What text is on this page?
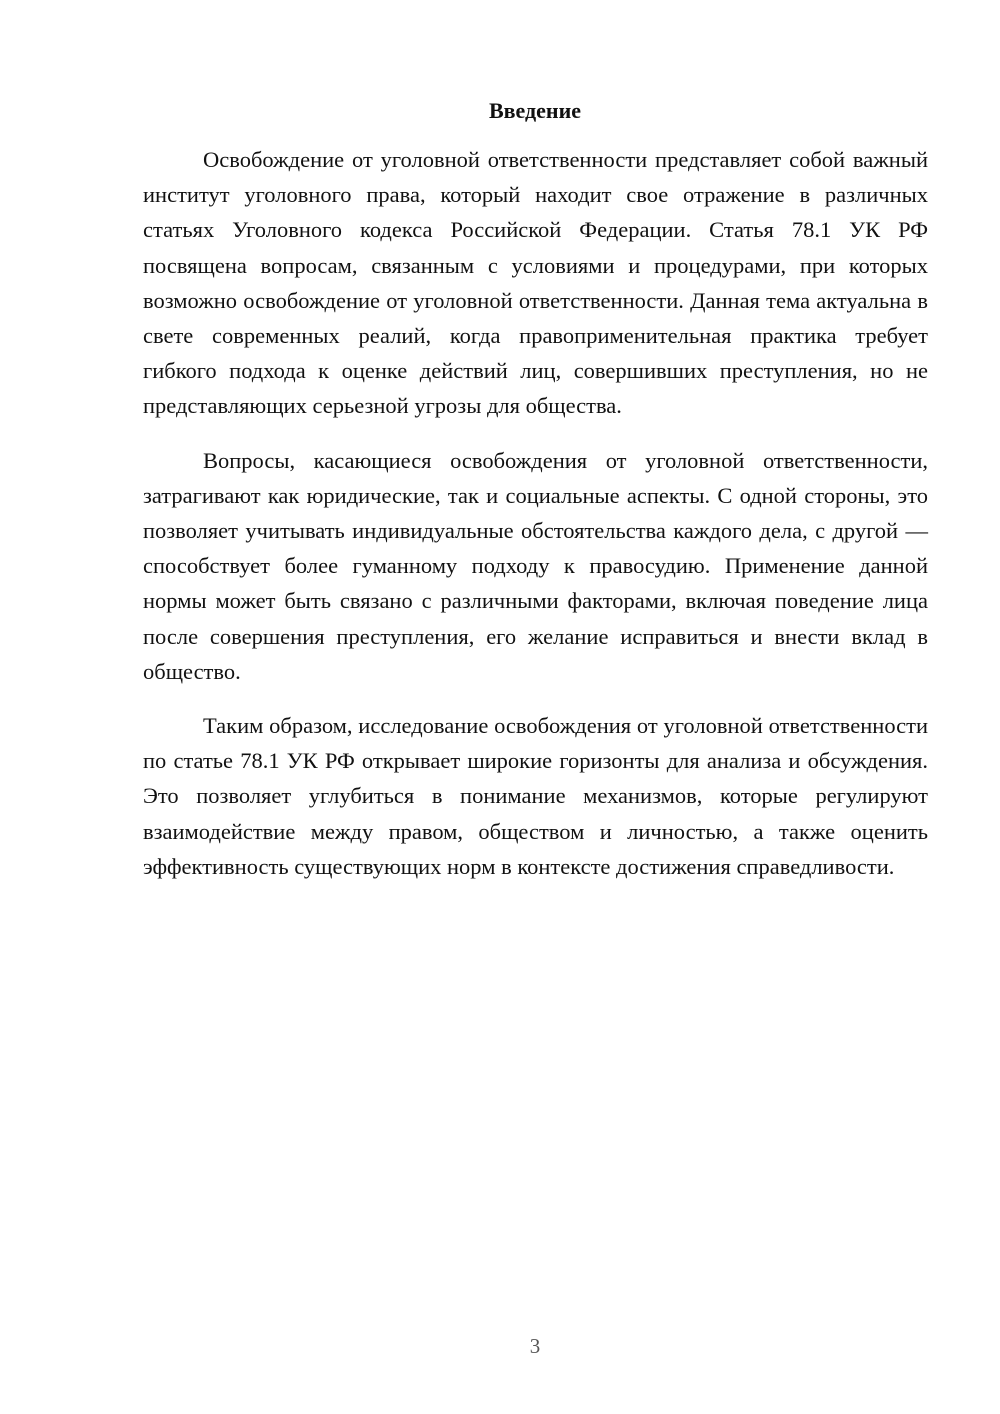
Введение

Освобождение от уголовной ответственности представляет собой важный институт уголовного права, который находит свое отражение в различных статьях Уголовного кодекса Российской Федерации. Статья 78.1 УК РФ посвящена вопросам, связанным с условиями и процедурами, при которых возможно освобождение от уголовной ответственности. Данная тема актуальна в свете современных реалий, когда правоприменительная практика требует гибкого подхода к оценке действий лиц, совершивших преступления, но не представляющих серьезной угрозы для общества.

Вопросы, касающиеся освобождения от уголовной ответственности, затрагивают как юридические, так и социальные аспекты. С одной стороны, это позволяет учитывать индивидуальные обстоятельства каждого дела, с другой — способствует более гуманному подходу к правосудию. Применение данной нормы может быть связано с различными факторами, включая поведение лица после совершения преступления, его желание исправиться и внести вклад в общество.

Таким образом, исследование освобождения от уголовной ответственности по статье 78.1 УК РФ открывает широкие горизонты для анализа и обсуждения. Это позволяет углубиться в понимание механизмов, которые регулируют взаимодействие между правом, обществом и личностью, а также оценить эффективность существующих норм в контексте достижения справедливости.

3
